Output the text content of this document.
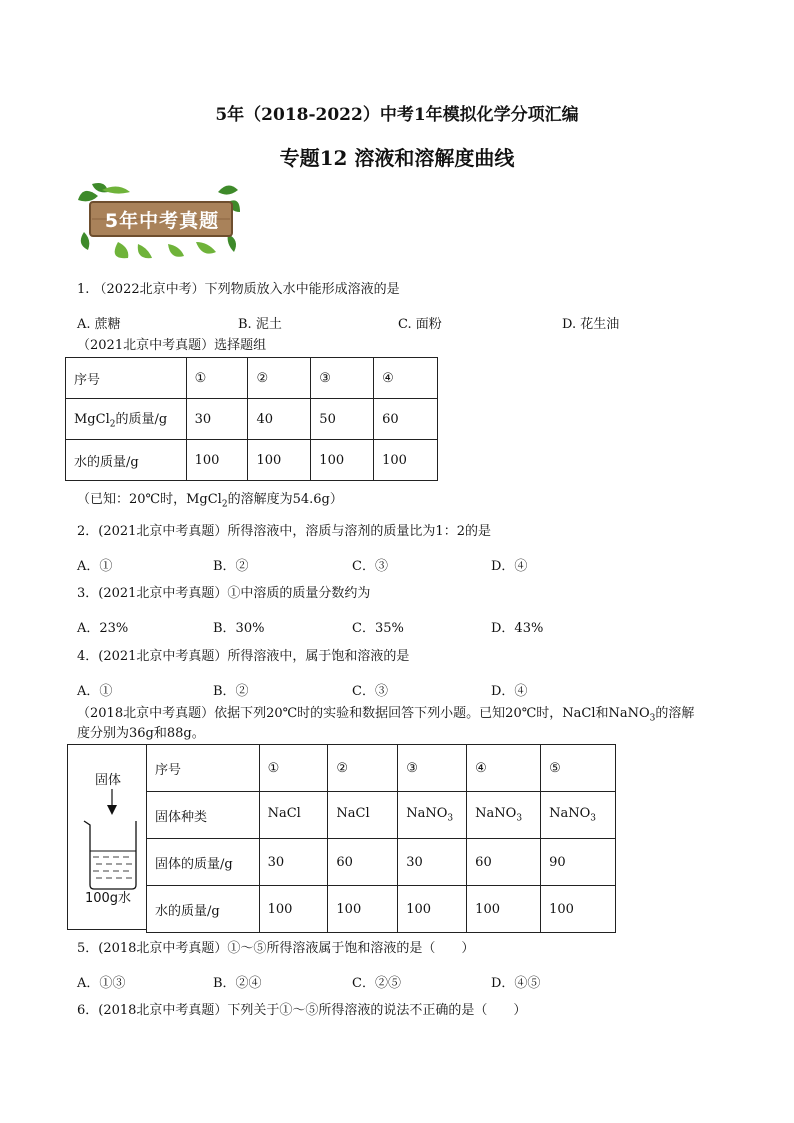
5年（2018-2022）中考1年模拟化学分项汇编
专题12 溶液和溶解度曲线
5年中考真题
1. （2022北京中考）下列物质放入水中能形成溶液的是
A. 蔗糖	B. 泥土	C. 面粉	D. 花生油
（2021北京中考真题）选择题组
序号	①	②	③	④
MgCl$_2$的质量/g	30	40	50	60
水的质量/g	100	100	100	100
（已知：20℃时，MgCl$_2$的溶解度为54.6g）
2．(2021北京中考真题）所得溶液中，溶质与溶剂的质量比为1：2的是
A．①	B．②	C．③	D．④
3．(2021北京中考真题）①中溶质的质量分数约为
A．23%	B．30%	C．35%	D．43%
4．(2021北京中考真题）所得溶液中，属于饱和溶液的是
A．①	B．②	C．③	D．④
（2018北京中考真题）依据下列20℃时的实验和数据回答下列小题。已知20℃时，NaCl和NaNO$_3$的溶解
度分别为36g和88g。
固体
100g水
序号	①	②	③	④	⑤
固体种类	NaCl	NaCl	NaNO$_3$	NaNO$_3$	NaNO$_3$
固体的质量/g	30	60	30	60	90
水的质量/g	100	100	100	100	100
5．(2018北京中考真题）①～⑤所得溶液属于饱和溶液的是（　　）
A．①③	B．②④	C．②⑤	D．④⑤
6．(2018北京中考真题）下列关于①～⑤所得溶液的说法不正确的是（　　）
